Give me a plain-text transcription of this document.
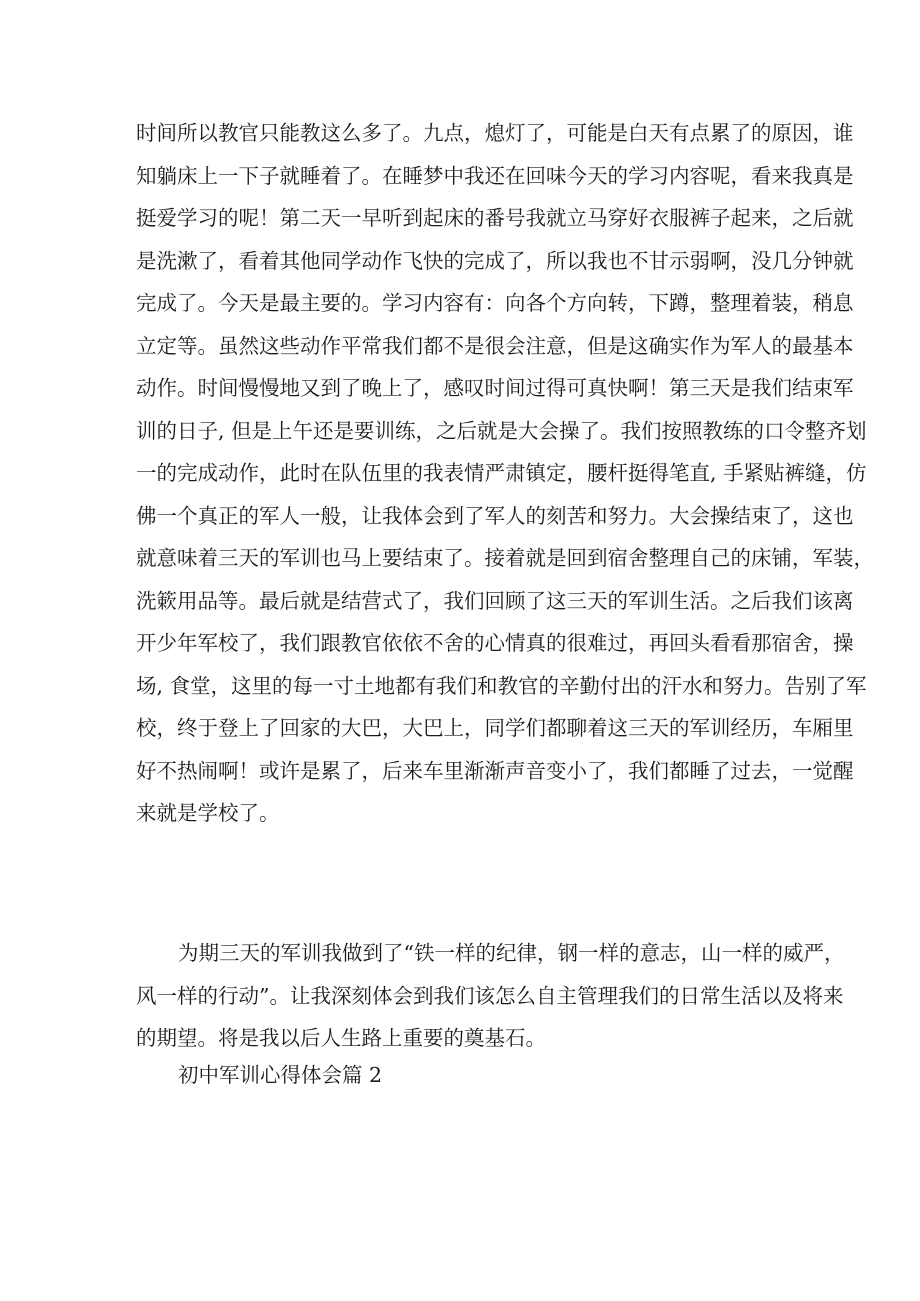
时间所以教官只能教这么多了。九点，熄灯了，可能是白天有点累了的原因，谁
知躺床上一下子就睡着了。在睡梦中我还在回味今天的学习内容呢，看来我真是
挺爱学习的呢！第二天一早听到起床的番号我就立马穿好衣服裤子起来，之后就
是洗漱了，看着其他同学动作飞快的完成了，所以我也不甘示弱啊，没几分钟就
完成了。今天是最主要的。学习内容有：向各个方向转，下蹲，整理着装，稍息
立定等。虽然这些动作平常我们都不是很会注意，但是这确实作为军人的最基本
动作。时间慢慢地又到了晚上了，感叹时间过得可真快啊！第三天是我们结束军
训的日子, 但是上午还是要训练，之后就是大会操了。我们按照教练的口令整齐划
一的完成动作，此时在队伍里的我表情严肃镇定，腰杆挺得笔直, 手紧贴裤缝，仿
佛一个真正的军人一般，让我体会到了军人的刻苦和努力。大会操结束了，这也
就意味着三天的军训也马上要结束了。接着就是回到宿舍整理自己的床铺，军装，
洗簌用品等。最后就是结营式了，我们回顾了这三天的军训生活。之后我们该离
开少年军校了，我们跟教官依依不舍的心情真的很难过，再回头看看那宿舍，操
场, 食堂，这里的每一寸土地都有我们和教官的辛勤付出的汗水和努力。告别了军
校，终于登上了回家的大巴，大巴上，同学们都聊着这三天的军训经历，车厢里
好不热闹啊！或许是累了，后来车里渐渐声音变小了，我们都睡了过去，一觉醒
来就是学校了。
为期三天的军训我做到了“铁一样的纪律，钢一样的意志，山一样的威严，
风一样的行动”。让我深刻体会到我们该怎么自主管理我们的日常生活以及将来
的期望。将是我以后人生路上重要的奠基石。
初中军训心得体会篇 2
